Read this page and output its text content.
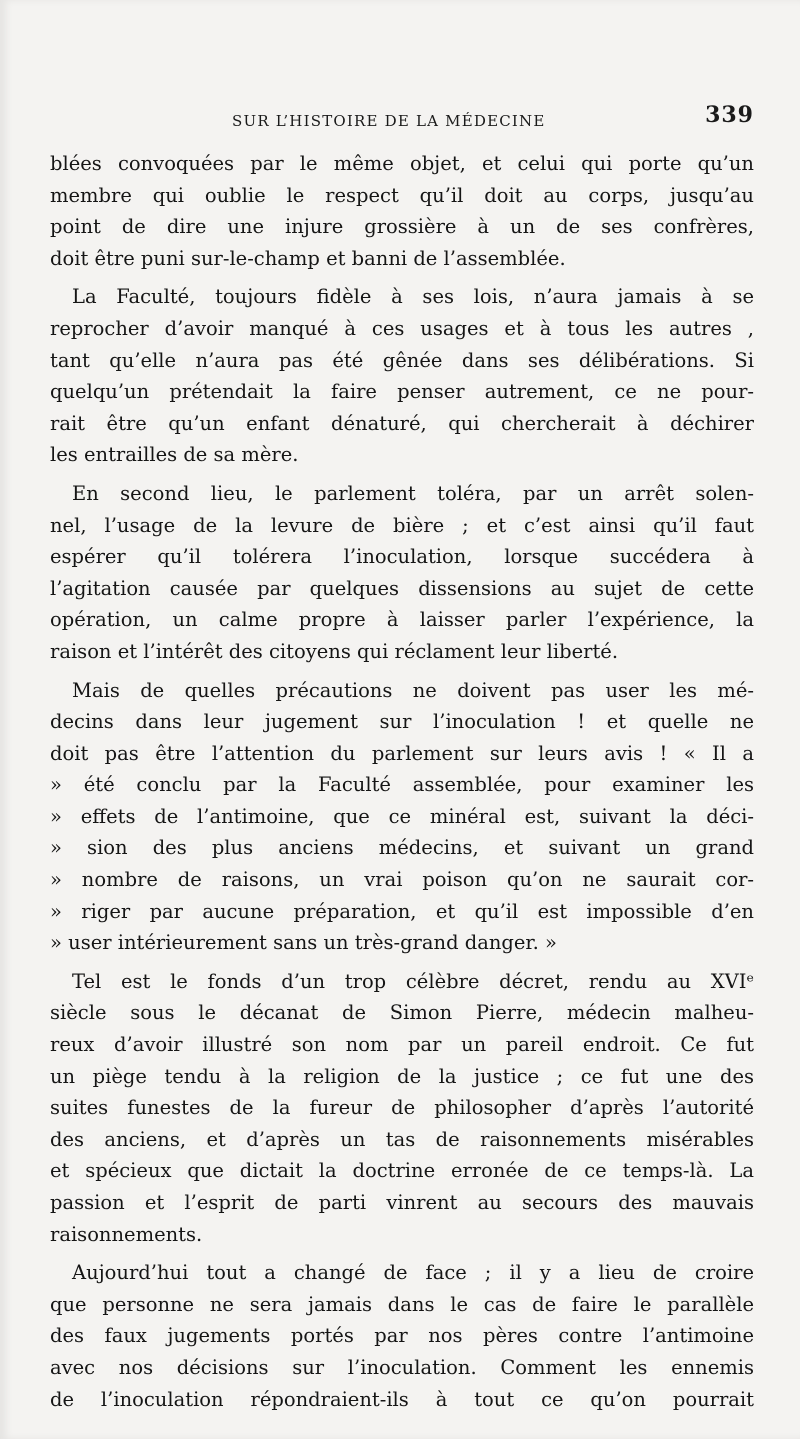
SUR L’HISTOIRE DE LA MÉDECINE	339
blées convoquées par le même objet, et celui qui porte qu’un
membre qui oublie le respect qu’il doit au corps, jusqu’au
point de dire une injure grossière à un de ses confrères,
doit être puni sur-le-champ et banni de l’assemblée.
La Faculté, toujours fidèle à ses lois, n’aura jamais à se
reprocher d’avoir manqué à ces usages et à tous les autres ,
tant qu’elle n’aura pas été gênée dans ses délibérations. Si
quelqu’un prétendait la faire penser autrement, ce ne pour-
rait être qu’un enfant dénaturé, qui chercherait à déchirer
les entrailles de sa mère.
En second lieu, le parlement toléra, par un arrêt solen-
nel, l’usage de la levure de bière ; et c’est ainsi qu’il faut
espérer qu’il tolérera l’inoculation, lorsque succédera à
l’agitation causée par quelques dissensions au sujet de cette
opération, un calme propre à laisser parler l’expérience, la
raison et l’intérêt des citoyens qui réclament leur liberté.
Mais de quelles précautions ne doivent pas user les mé-
decins dans leur jugement sur l’inoculation ! et quelle ne
doit pas être l’attention du parlement sur leurs avis ! « Il a
» été conclu par la Faculté assemblée, pour examiner les
» effets de l’antimoine, que ce minéral est, suivant la déci-
» sion des plus anciens médecins, et suivant un grand
» nombre de raisons, un vrai poison qu’on ne saurait cor-
» riger par aucune préparation, et qu’il est impossible d’en
» user intérieurement sans un très-grand danger. »
Tel est le fonds d’un trop célèbre décret, rendu au XVIᵉ
siècle sous le décanat de Simon Pierre, médecin malheu-
reux d’avoir illustré son nom par un pareil endroit. Ce fut
un piège tendu à la religion de la justice ; ce fut une des
suites funestes de la fureur de philosopher d’après l’autorité
des anciens, et d’après un tas de raisonnements misérables
et spécieux que dictait la doctrine erronée de ce temps-là. La
passion et l’esprit de parti vinrent au secours des mauvais
raisonnements.
Aujourd’hui tout a changé de face ; il y a lieu de croire
que personne ne sera jamais dans le cas de faire le parallèle
des faux jugements portés par nos pères contre l’antimoine
avec nos décisions sur l’inoculation. Comment les ennemis
de l’inoculation répondraient-ils à tout ce qu’on pourrait
